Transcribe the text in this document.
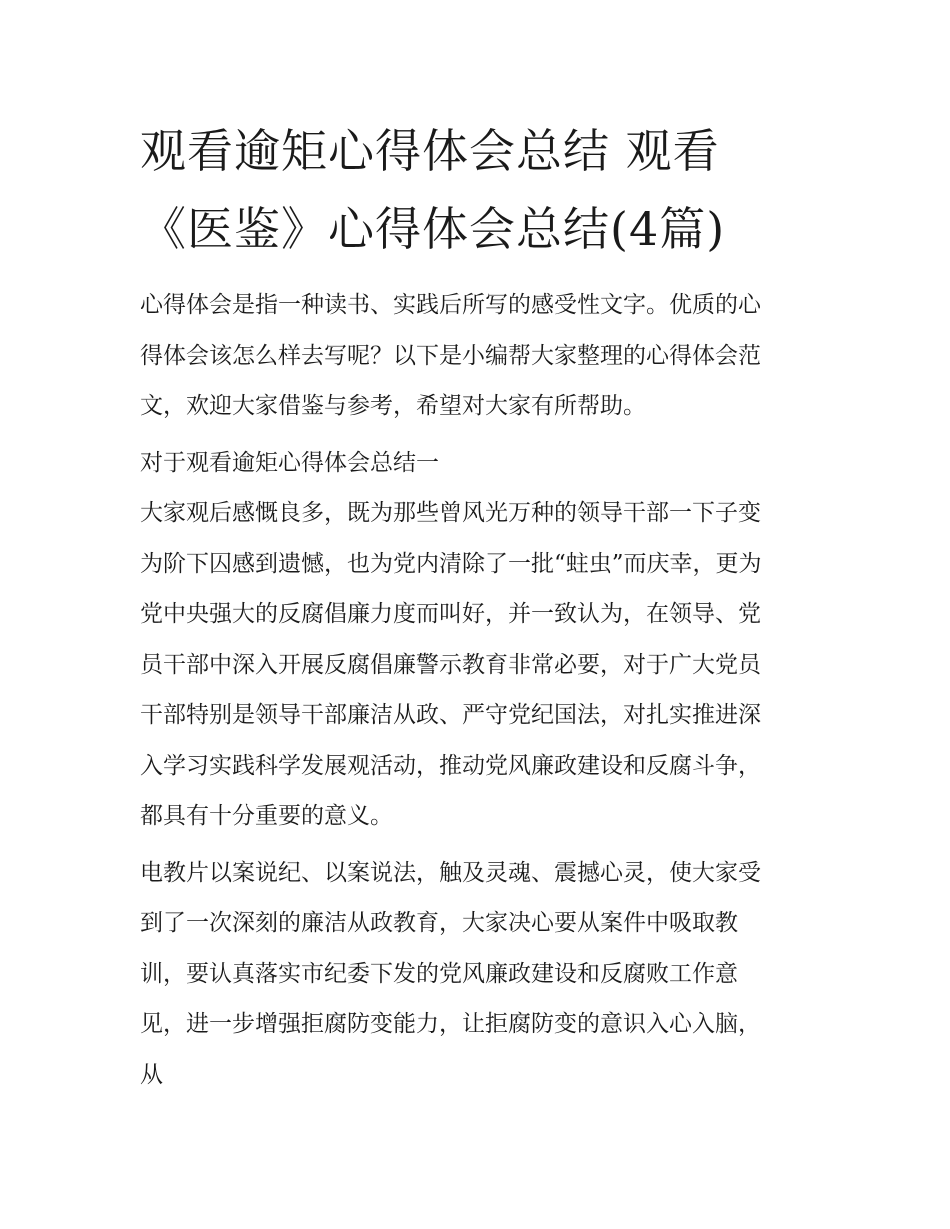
观看逾矩心得体会总结 观看
《医鉴》心得体会总结(4篇)

心得体会是指一种读书、实践后所写的感受性文字。优质的心
得体会该怎么样去写呢？以下是小编帮大家整理的心得体会范
文，欢迎大家借鉴与参考，希望对大家有所帮助。

对于观看逾矩心得体会总结一

大家观后感慨良多，既为那些曾风光万种的领导干部一下子变
为阶下囚感到遗憾，也为党内清除了一批“蛀虫”而庆幸，更为
党中央强大的反腐倡廉力度而叫好，并一致认为，在领导、党
员干部中深入开展反腐倡廉警示教育非常必要，对于广大党员
干部特别是领导干部廉洁从政、严守党纪国法，对扎实推进深
入学习实践科学发展观活动，推动党风廉政建设和反腐斗争，
都具有十分重要的意义。

电教片以案说纪、以案说法，触及灵魂、震撼心灵，使大家受
到了一次深刻的廉洁从政教育，大家决心要从案件中吸取教
训，要认真落实市纪委下发的党风廉政建设和反腐败工作意
见，进一步增强拒腐防变能力，让拒腐防变的意识入心入脑，
从
